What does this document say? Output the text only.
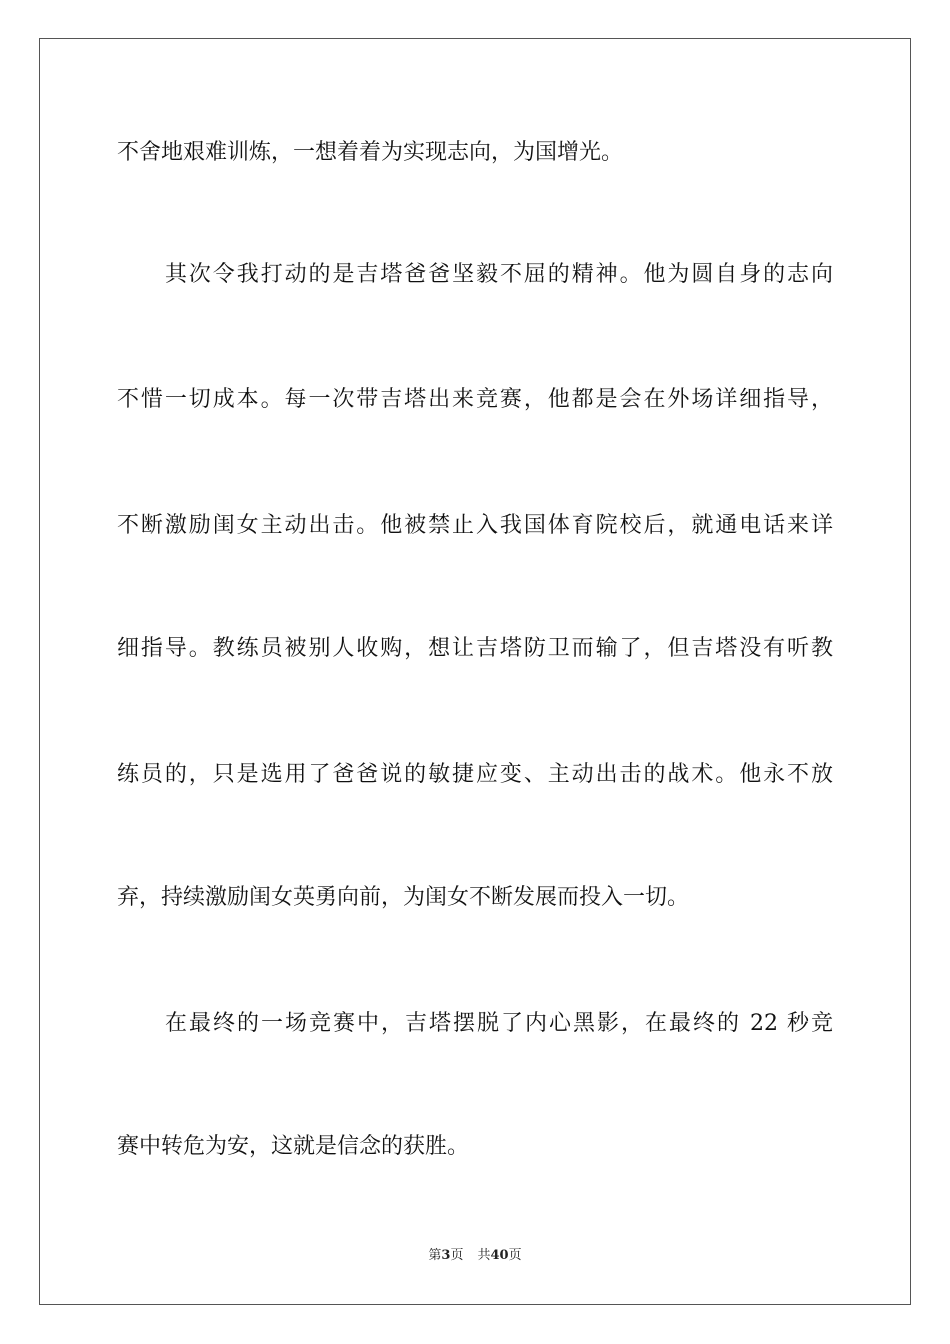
不舍地艰难训炼，一想着着为实现志向，为国增光。
其次令我打动的是吉塔爸爸坚毅不屈的精神。他为圆自身的志向
不惜一切成本。每一次带吉塔出来竞赛，他都是会在外场详细指导，
不断激励闺女主动出击。他被禁止入我国体育院校后，就通电话来详
细指导。教练员被别人收购，想让吉塔防卫而输了，但吉塔没有听教
练员的，只是选用了爸爸说的敏捷应变、主动出击的战术。他永不放
弃，持续激励闺女英勇向前，为闺女不断发展而投入一切。
在最终的一场竞赛中，吉塔摆脱了内心黑影，在最终的 22 秒竞
赛中转危为安，这就是信念的获胜。
第3页 共40页
